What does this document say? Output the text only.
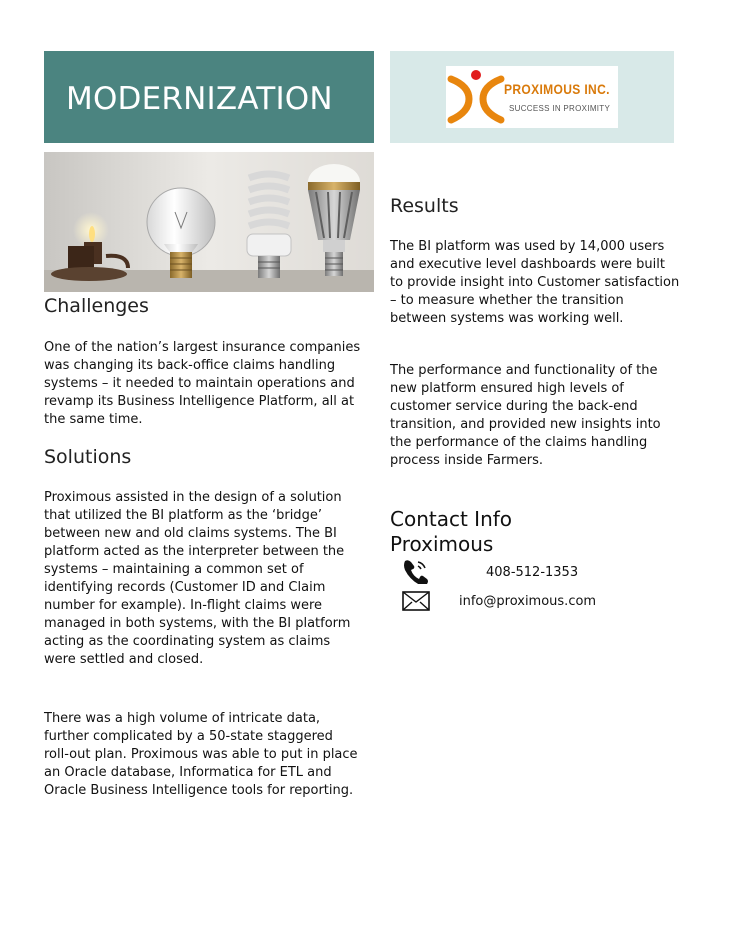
MODERNIZATION	PROXIMOUS INC.
SUCCESS IN PROXIMITY
Challenges

One of the nation’s largest insurance companies was changing its back-office claims handling systems – it needed to maintain operations and revamp its Business Intelligence Platform, all at the same time.

Solutions

Proximous assisted in the design of a solution that utilized the BI platform as the ‘bridge’ between new and old claims systems. The BI platform acted as the interpreter between the systems – maintaining a common set of identifying records (Customer ID and Claim number for example). In-flight claims were managed in both systems, with the BI platform acting as the coordinating system as claims were settled and closed.

There was a high volume of intricate data, further complicated by a 50-state staggered roll-out plan. Proximous was able to put in place an Oracle database, Informatica for ETL and Oracle Business Intelligence tools for reporting.

Results

The BI platform was used by 14,000 users and executive level dashboards were built to provide insight into Customer satisfaction – to measure whether the transition between systems was working well.

The performance and functionality of the new platform ensured high levels of customer service during the back-end transition, and provided new insights into the performance of the claims handling process inside Farmers.

Contact Info
Proximous
408-512-1353
info@proximous.com
